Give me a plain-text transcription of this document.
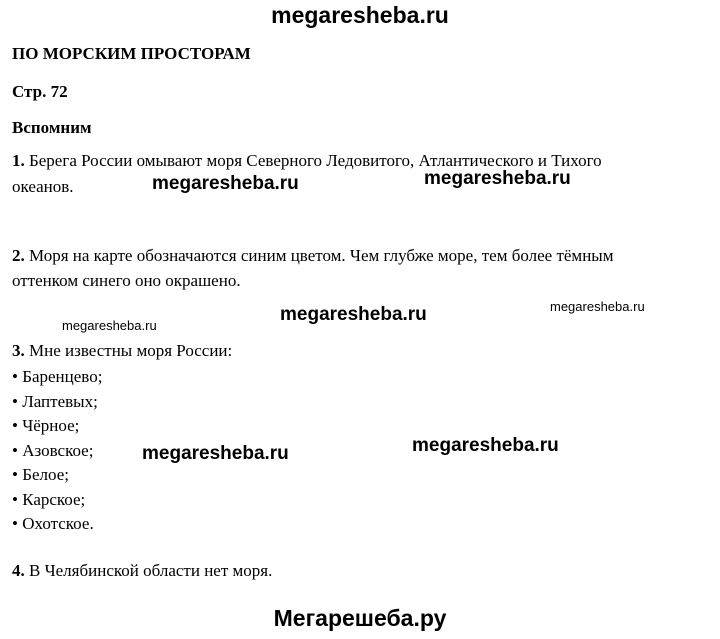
megaresheba.ru
ПО МОРСКИМ ПРОСТОРАМ
Стр. 72
Вспомним
1. Берега России омывают моря Северного Ледовитого, Атлантического и Тихого
океанов.	megaresheba.ru	megaresheba.ru
2. Моря на карте обозначаются синим цветом. Чем глубже море, тем более тёмным
оттенком синего оно окрашено.
megaresheba.ru
megaresheba.ru
megaresheba.ru
3. Мне известны моря России:
• Баренцево;
• Лаптевых;
• Чёрное;
• Азовское;
• Белое;
• Карское;
• Охотское.
megaresheba.ru	megaresheba.ru
4. В Челябинской области нет моря.
Мегарешеба.ру
